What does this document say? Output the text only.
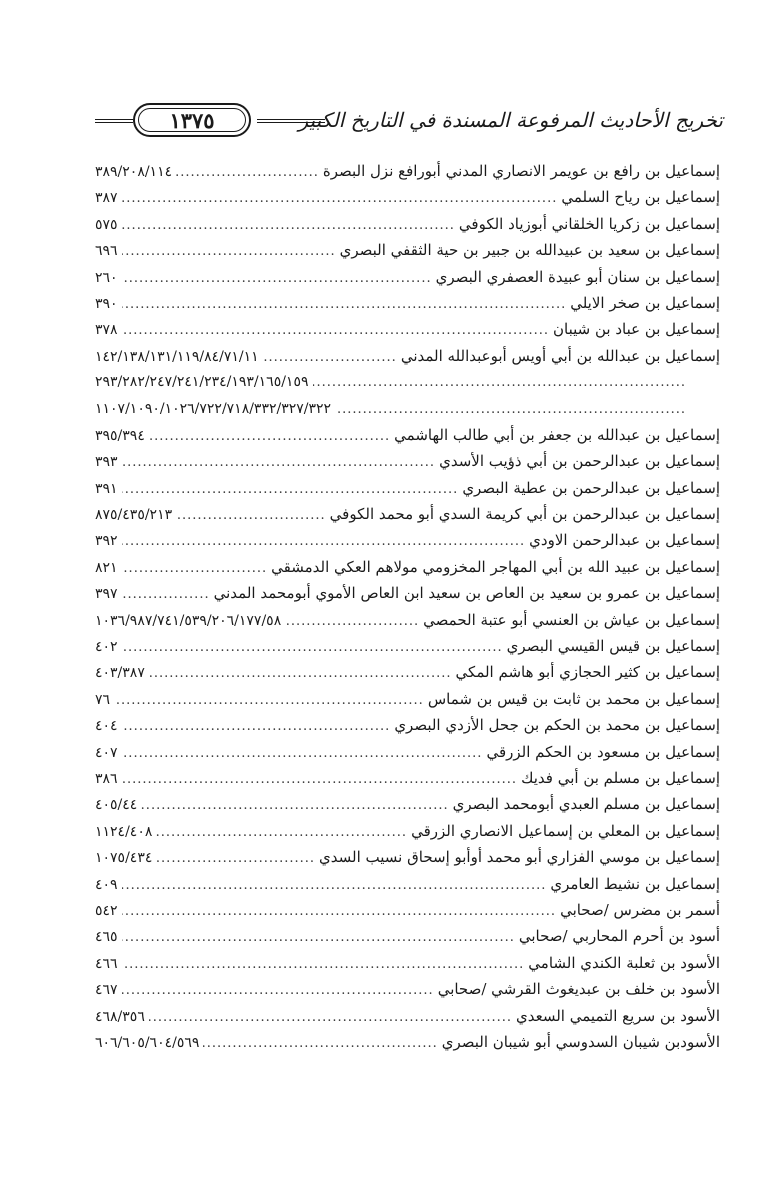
تخريج الأحاديث المرفوعة المسندة في التاريخ الكبير
١٣٧٥
إسماعيل بن رافع بن عويمر الانصاري المدني أبورافع نزل البصرة
.....
٣٨٩/٢٠٨/١١٤
إسماعيل بن رياح السلمي
.....
٣٨٧
إسماعيل بن زكريا الخلقاني أبوزياد الكوفي
.....
٥٧٥
إسماعيل بن سعيد بن عبيدالله بن جبير بن حية الثقفي البصري
.....
٦٩٦
إسماعيل بن سنان أبو عبيدة العصفري البصري
.....
٢٦٠
إسماعيل بن صخر الايلي
.....
٣٩٠
إسماعيل بن عباد بن شيبان
.....
٣٧٨
إسماعيل بن عبدالله بن أبي أويس أبوعبدالله المدني
.....
١٤٢/١٣٨/١٣١/١١٩/٨٤/٧١/١١
.....
٢٩٣/٢٨٢/٢٤٧/٢٤١/٢٣٤/١٩٣/١٦٥/١٥٩
.....
١١٠٧/١٠٩٠/١٠٢٦/٧٢٢/٧١٨/٣٣٢/٣٢٧/٣٢٢
إسماعيل بن عبدالله بن جعفر بن أبي طالب الهاشمي
.....
٣٩٥/٣٩٤
إسماعيل بن عبدالرحمن بن أبي ذؤيب الأسدي
.....
٣٩٣
إسماعيل بن عبدالرحمن بن عطية البصري
.....
٣٩١
إسماعيل بن عبدالرحمن بن أبي كريمة السدي أبو محمد الكوفي
.....
٨٧٥/٤٣٥/٢١٣
إسماعيل بن عبدالرحمن الاودي
.....
٣٩٢
إسماعيل بن عبيد الله بن أبي المهاجر المخزومي مولاهم العكي الدمشقي
.....
٨٢١
إسماعيل بن عمرو بن سعيد بن العاص بن سعيد ابن العاص الأموي أبومحمد المدني
.....
٣٩٧
إسماعيل بن عياش بن العنسي أبو عتبة الحمصي
.....
١٠٣٦/٩٨٧/٧٤١/٥٣٩/٢٠٦/١٧٧/٥٨
إسماعيل بن قيس القيسي البصري
.....
٤٠٢
إسماعيل بن كثير الحجازي أبو هاشم المكي
.....
٤٠٣/٣٨٧
إسماعيل بن محمد بن ثابت بن قيس بن شماس
.....
٧٦
إسماعيل بن محمد بن الحكم بن جحل الأزدي البصري
.....
٤٠٤
إسماعيل بن مسعود بن الحكم الزرقي
.....
٤٠٧
إسماعيل بن مسلم بن أبي فديك
.....
٣٨٦
إسماعيل بن مسلم العبدي أبومحمد البصري
.....
٤٠٥/٤٤
إسماعيل بن المعلي بن إسماعيل الانصاري الزرقي
.....
١١٢٤/٤٠٨
إسماعيل بن موسي الفزاري أبو محمد أوأبو إسحاق نسيب السدي
.....
١٠٧٥/٤٣٤
إسماعيل بن نشيط العامري
.....
٤٠٩
أسمر بن مضرس /صحابي
.....
٥٤٢
أسود بن أحرم المحاربي /صحابي
.....
٤٦٥
الأسود بن ثعلبة الكندي الشامي
.....
٤٦٦
الأسود بن خلف بن عبديغوث القرشي /صحابي
.....
٤٦٧
الأسود بن سريع التميمي السعدي
.....
٤٦٨/٣٥٦
الأسودبن شيبان السدوسي أبو شيبان البصري
.....
٦٠٦/٦٠٥/٦٠٤/٥٦٩
